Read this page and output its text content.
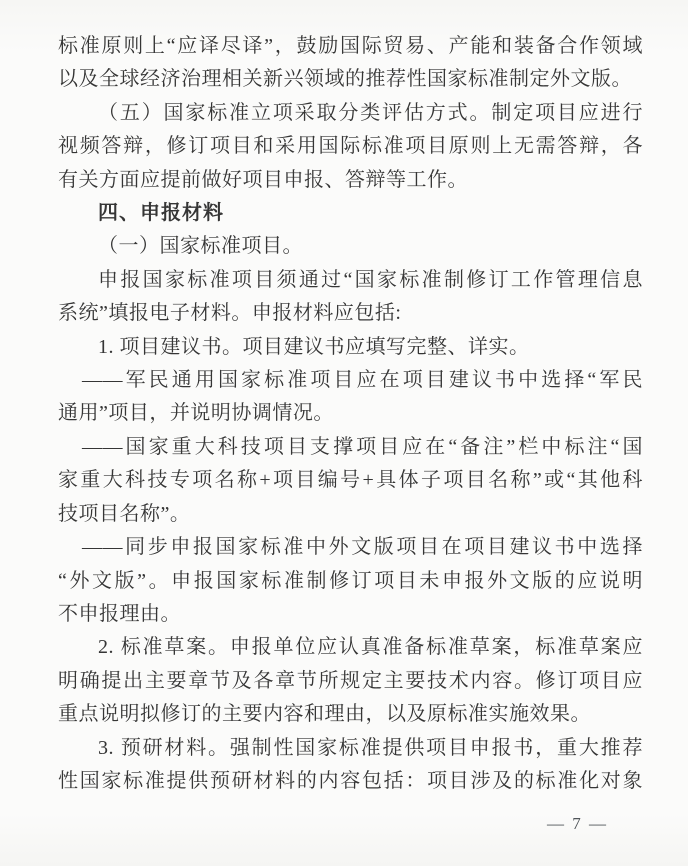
标准原则上“应译尽译”，鼓励国际贸易、产能和装备合作领域
以及全球经济治理相关新兴领域的推荐性国家标准制定外文版。
（五）国家标准立项采取分类评估方式。制定项目应进行
视频答辩，修订项目和采用国际标准项目原则上无需答辩，各
有关方面应提前做好项目申报、答辩等工作。
四、申报材料
（一）国家标准项目。
申报国家标准项目须通过“国家标准制修订工作管理信息
系统”填报电子材料。申报材料应包括:
1. 项目建议书。项目建议书应填写完整、详实。
——军民通用国家标准项目应在项目建议书中选择“军民
通用”项目，并说明协调情况。
——国家重大科技项目支撑项目应在“备注”栏中标注“国
家重大科技专项名称+项目编号+具体子项目名称”或“其他科
技项目名称”。
——同步申报国家标准中外文版项目在项目建议书中选择
“外文版”。申报国家标准制修订项目未申报外文版的应说明
不申报理由。
2. 标准草案。申报单位应认真准备标准草案，标准草案应
明确提出主要章节及各章节所规定主要技术内容。修订项目应
重点说明拟修订的主要内容和理由，以及原标准实施效果。
3. 预研材料。强制性国家标准提供项目申报书，重大推荐
性国家标准提供预研材料的内容包括：项目涉及的标准化对象
— 7 —
